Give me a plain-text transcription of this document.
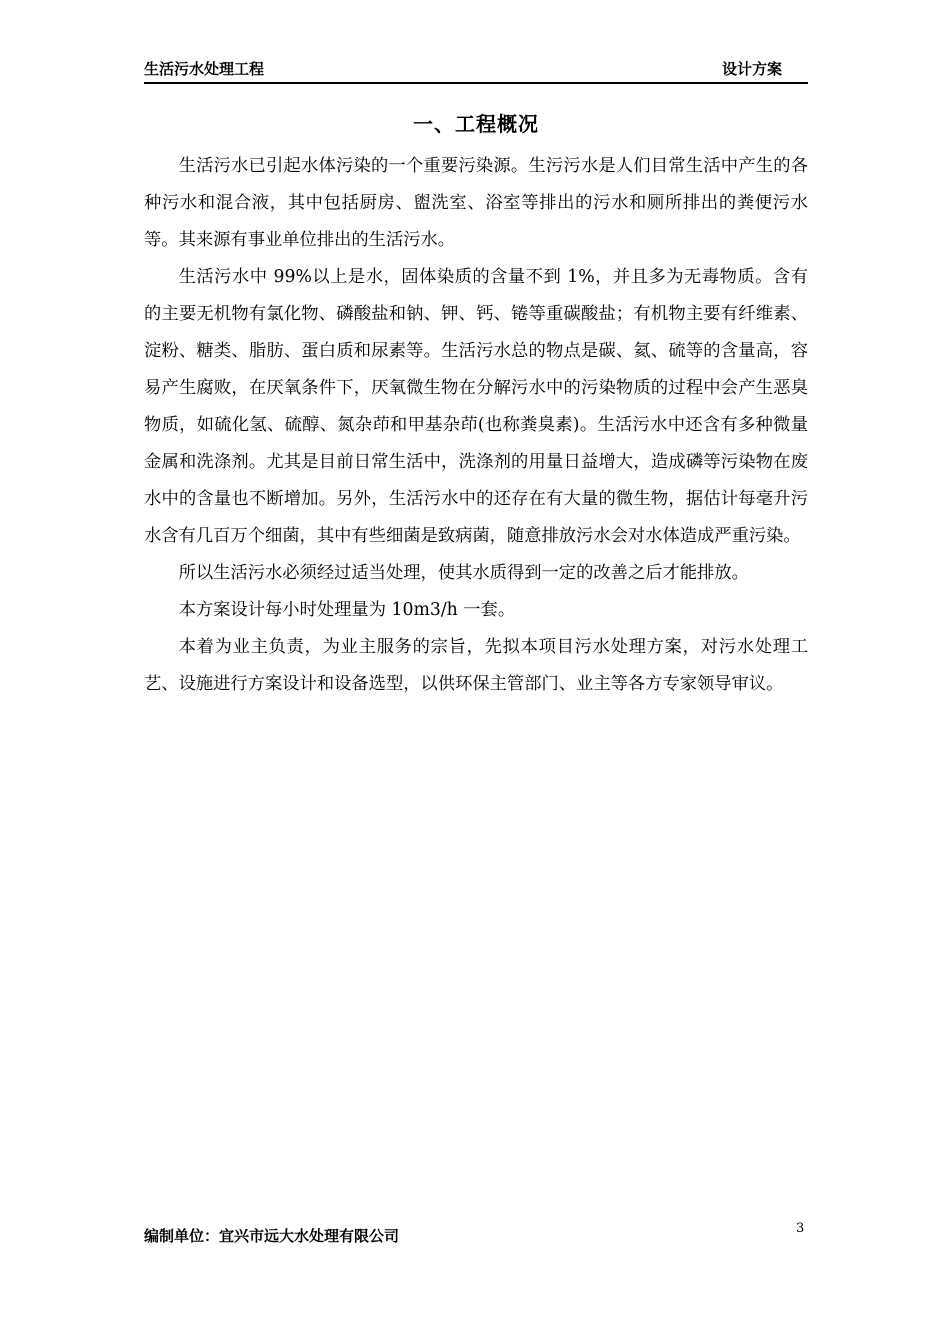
生活污水处理工程	设计方案
一、工程概况

生活污水已引起水体污染的一个重要污染源。生污污水是人们目常生活中产生的各种污水和混合液，其中包括厨房、盥洗室、浴室等排出的污水和厕所排出的粪便污水等。其来源有事业单位排出的生活污水。

生活污水中 99%以上是水，固体染质的含量不到 1%，并且多为无毒物质。含有的主要无机物有氯化物、磷酸盐和钠、钾、钙、锩等重碳酸盐；有机物主要有纤维素、淀粉、糖类、脂肪、蛋白质和尿素等。生活污水总的物点是碳、氦、硫等的含量高，容易产生腐败，在厌氧条件下，厌氧微生物在分解污水中的污染物质的过程中会产生恶臭物质，如硫化氢、硫醇、氮杂茚和甲基杂茚(也称粪臭素)。生活污水中还含有多种微量金属和洗涤剂。尤其是目前日常生活中，洗涤剂的用量日益增大，造成磷等污染物在废水中的含量也不断增加。另外，生活污水中的还存在有大量的微生物，据估计每毫升污水含有几百万个细菌，其中有些细菌是致病菌，随意排放污水会对水体造成严重污染。

所以生活污水必须经过适当处理，使其水质得到一定的改善之后才能排放。

本方案设计每小时处理量为 10m3/h 一套。

本着为业主负责，为业主服务的宗旨，先拟本项目污水处理方案，对污水处理工艺、设施进行方案设计和设备选型，以供环保主管部门、业主等各方专家领导审议。

编制单位：宜兴市远大水处理有限公司	3
